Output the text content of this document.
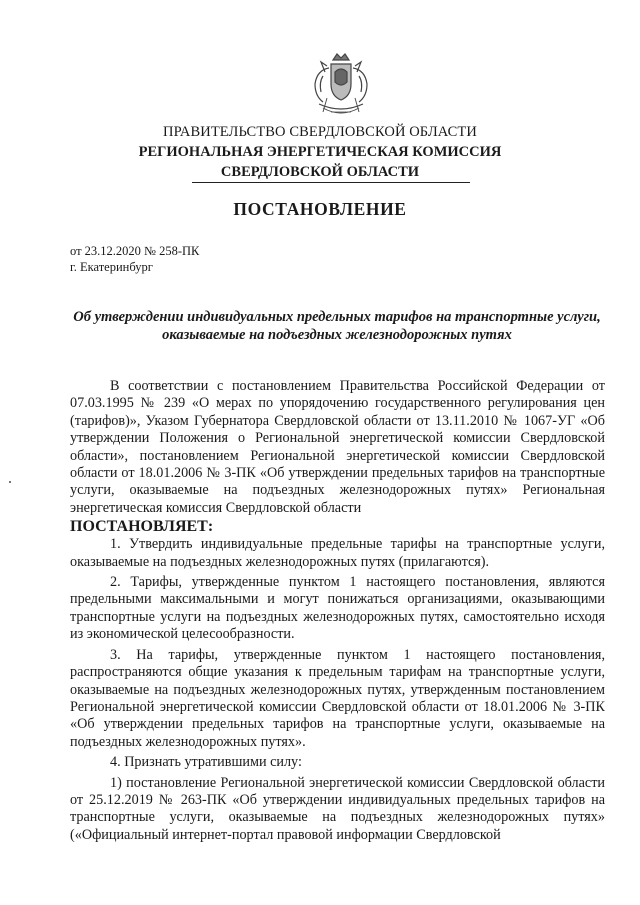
ПРАВИТЕЛЬСТВО СВЕРДЛОВСКОЙ ОБЛАСТИ
РЕГИОНАЛЬНАЯ ЭНЕРГЕТИЧЕСКАЯ КОМИССИЯ
СВЕРДЛОВСКОЙ ОБЛАСТИ
ПОСТАНОВЛЕНИЕ
от 23.12.2020 № 258-ПК
г. Екатеринбург
Об утверждении индивидуальных предельных тарифов на транспортные услуги, оказываемые на подъездных железнодорожных путях

В соответствии с постановлением Правительства Российской Федерации от 07.03.1995 № 239 «О мерах по упорядочению государственного регулирования цен (тарифов)», Указом Губернатора Свердловской области от 13.11.2010 № 1067-УГ «Об утверждении Положения о Региональной энергетической комиссии Свердловской области», постановлением Региональной энергетической комиссии Свердловской области от 18.01.2006 № 3-ПК «Об утверждении предельных тарифов на транспортные услуги, оказываемые на подъездных железнодорожных путях» Региональная энергетическая комиссия Свердловской области

ПОСТАНОВЛЯЕТ:

1. Утвердить индивидуальные предельные тарифы на транспортные услуги, оказываемые на подъездных железнодорожных путях (прилагаются).

2. Тарифы, утвержденные пунктом 1 настоящего постановления, являются предельными максимальными и могут понижаться организациями, оказывающими транспортные услуги на подъездных железнодорожных путях, самостоятельно исходя из экономической целесообразности.

3. На тарифы, утвержденные пунктом 1 настоящего постановления, распространяются общие указания к предельным тарифам на транспортные услуги, оказываемые на подъездных железнодорожных путях, утвержденным постановлением Региональной энергетической комиссии Свердловской области от 18.01.2006 № 3-ПК «Об утверждении предельных тарифов на транспортные услуги, оказываемые на подъездных железнодорожных путях».

4. Признать утратившими силу:

1) постановление Региональной энергетической комиссии Свердловской области от 25.12.2019 № 263-ПК «Об утверждении индивидуальных предельных тарифов на транспортные услуги, оказываемые на подъездных железнодорожных путях» («Официальный интернет-портал правовой информации Свердловской
